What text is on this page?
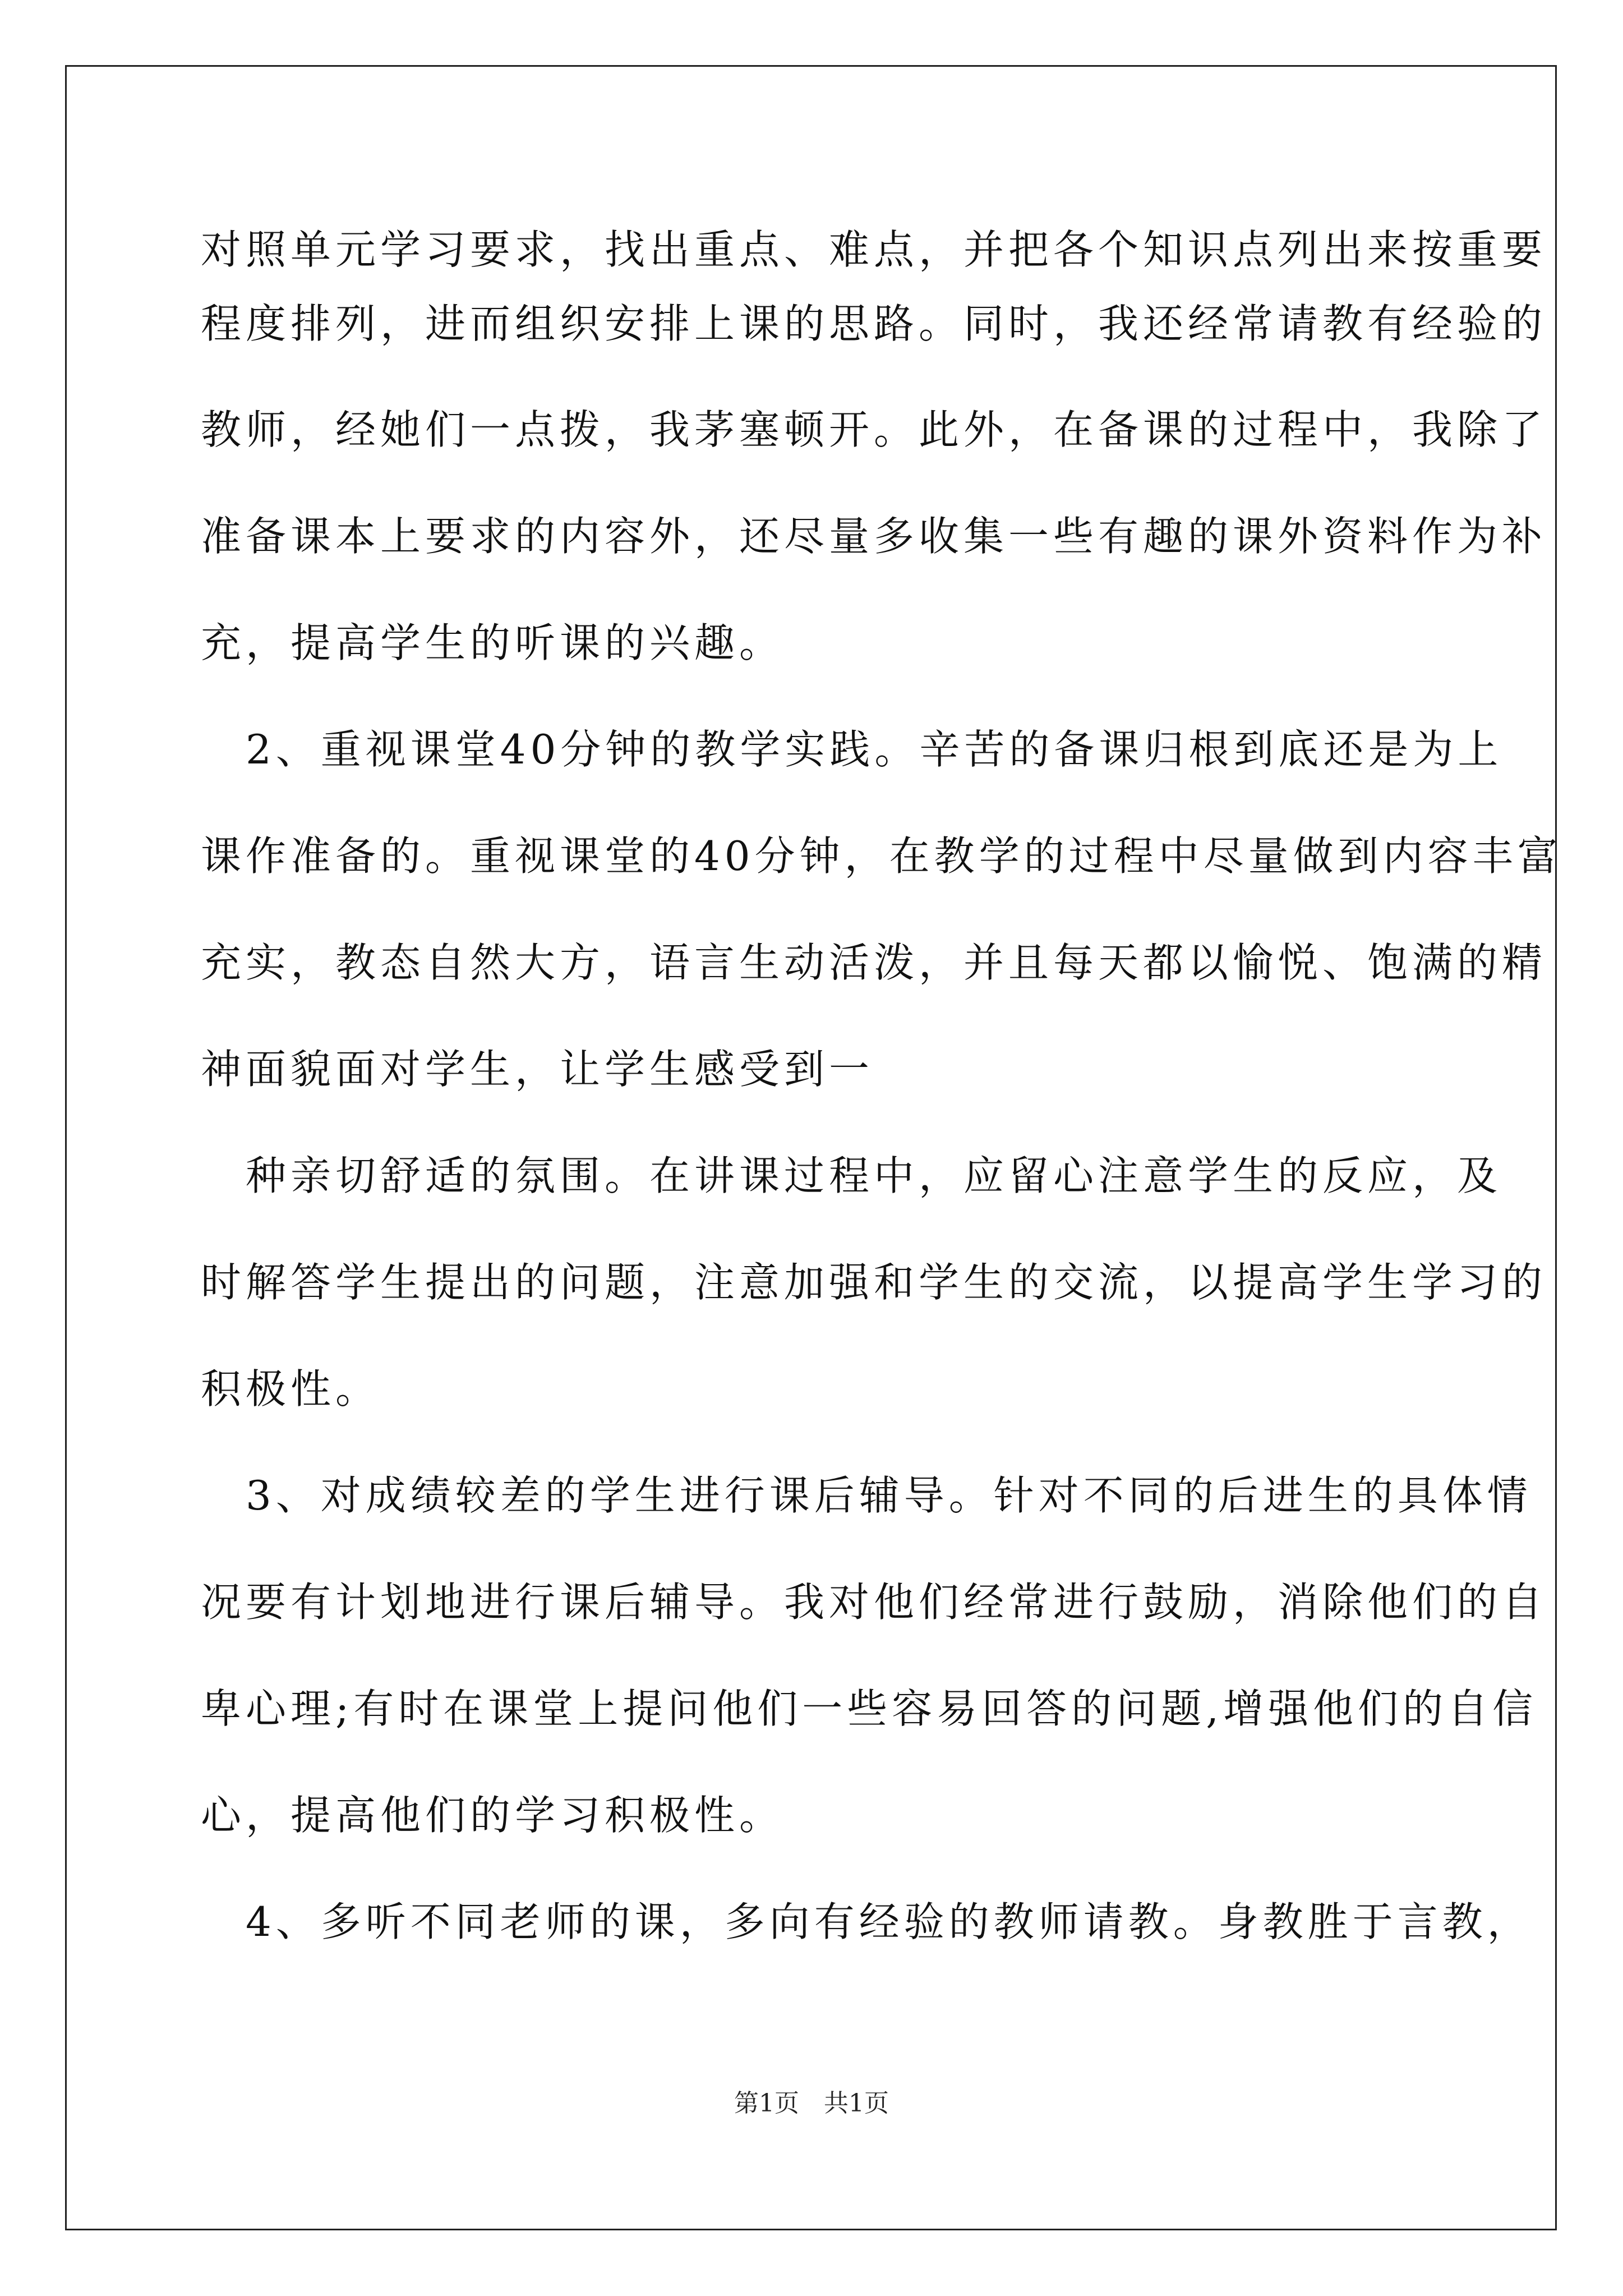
对照单元学习要求，找出重点、难点，并把各个知识点列出来按重要
程度排列，进而组织安排上课的思路。同时，我还经常请教有经验的
教师，经她们一点拨，我茅塞顿开。此外，在备课的过程中，我除了
准备课本上要求的内容外，还尽量多收集一些有趣的课外资料作为补
充，提高学生的听课的兴趣。
　2、重视课堂40分钟的教学实践。辛苦的备课归根到底还是为上
课作准备的。重视课堂的40分钟，在教学的过程中尽量做到内容丰富
充实，教态自然大方，语言生动活泼，并且每天都以愉悦、饱满的精
神面貌面对学生，让学生感受到一
　种亲切舒适的氛围。在讲课过程中，应留心注意学生的反应，及
时解答学生提出的问题，注意加强和学生的交流，以提高学生学习的
积极性。
　3、对成绩较差的学生进行课后辅导。针对不同的后进生的具体情
况要有计划地进行课后辅导。我对他们经常进行鼓励，消除他们的自
卑心理;有时在课堂上提问他们一些容易回答的问题,增强他们的自信
心，提高他们的学习积极性。
　4、多听不同老师的课，多向有经验的教师请教。身教胜于言教，
第1页　共1页
